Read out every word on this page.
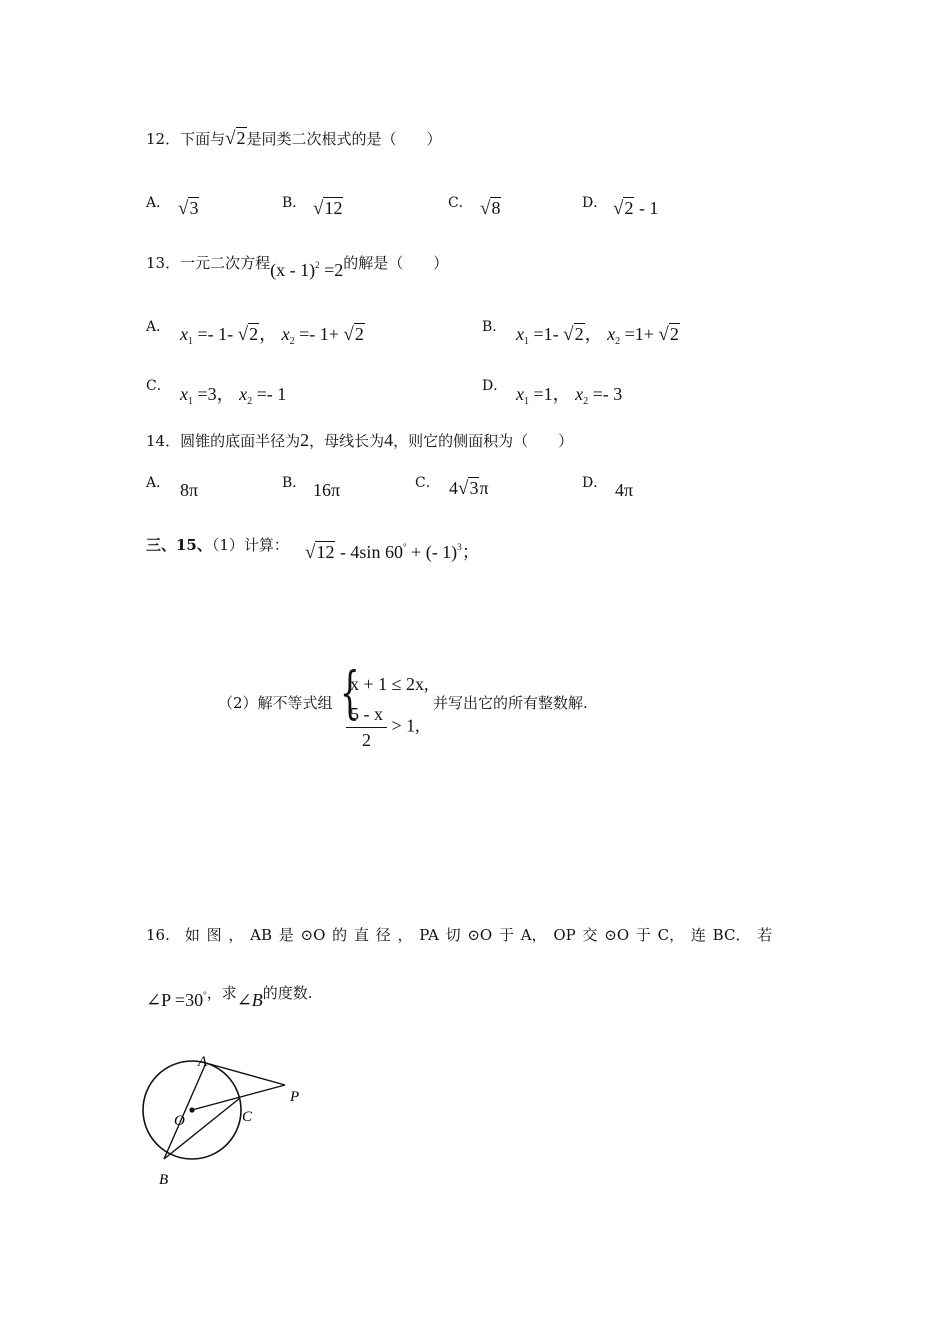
12．下面与√2是同类二次根式的是（　　）
A． √3	B． √12	C． √8	D． √2 - 1
13．一元二次方程(x - 1)$^2$ =2的解是（　　）
A． $x_1 =- 1-$ √2， $x_2 =- 1+ √2$	B． $x_1 =1-$ √2， $x_2 =1+ √2$
C． $x_1 =3$， $x_2 =- 1$	D． $x_1 =1$， $x_2 =- 3$
14．圆锥的底面半径为2，母线长为4，则它的侧面积为（　　）
A． 8π	B． 16π	C． 4√3π	D． 4π
三、15、（1）计算： √12 - 4sin 60° + (- 1)$^3$；
（2）解不等式组 {
x + 1 ≤ 2x,
$\frac{5 - x}{2} > 1$,
并写出它的所有整数解.
16.　如 图 ， AB 是 ⊙O 的 直 径 ， PA 切 ⊙O 于 A， OP 交 ⊙O 于 C， 连 BC． 若
∠P =30°，求∠B的度数.
A
O	C
P
B
